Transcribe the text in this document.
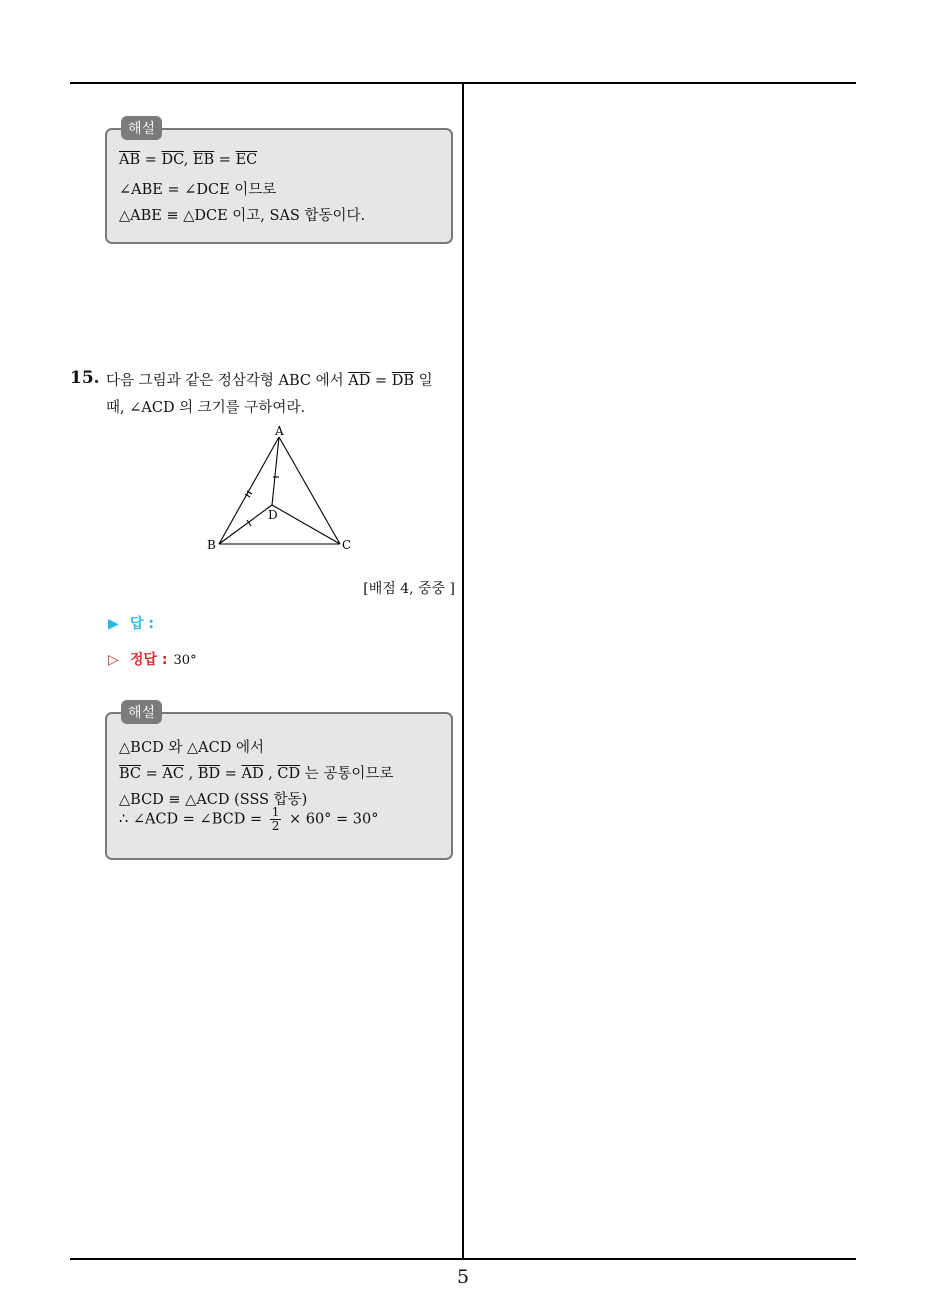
해설
$\overline{AB} = \overline{DC}$, $\overline{EB} = \overline{EC}$
∠ABE = ∠DCE 이므로
△ABE ≡ △DCE 이고, SAS 합동이다.
15. 다음 그림과 같은 정삼각형 ABC 에서 $\overline{AD} = \overline{DB}$ 일
때, ∠ACD 의 크기를 구하여라.
A
B	C
D
[배점 4, 중중 ]
▶ 답 :
▷ 정답 : 30°
해설
△BCD 와 △ACD 에서
$\overline{BC} = \overline{AC}$ , $\overline{BD} = \overline{AD}$ , $\overline{CD}$ 는 공통이므로
△BCD ≡ △ACD (SSS 합동)
∴ ∠ACD = ∠BCD = $\frac{1}{2} \times 60^\circ = 30^\circ$
5
